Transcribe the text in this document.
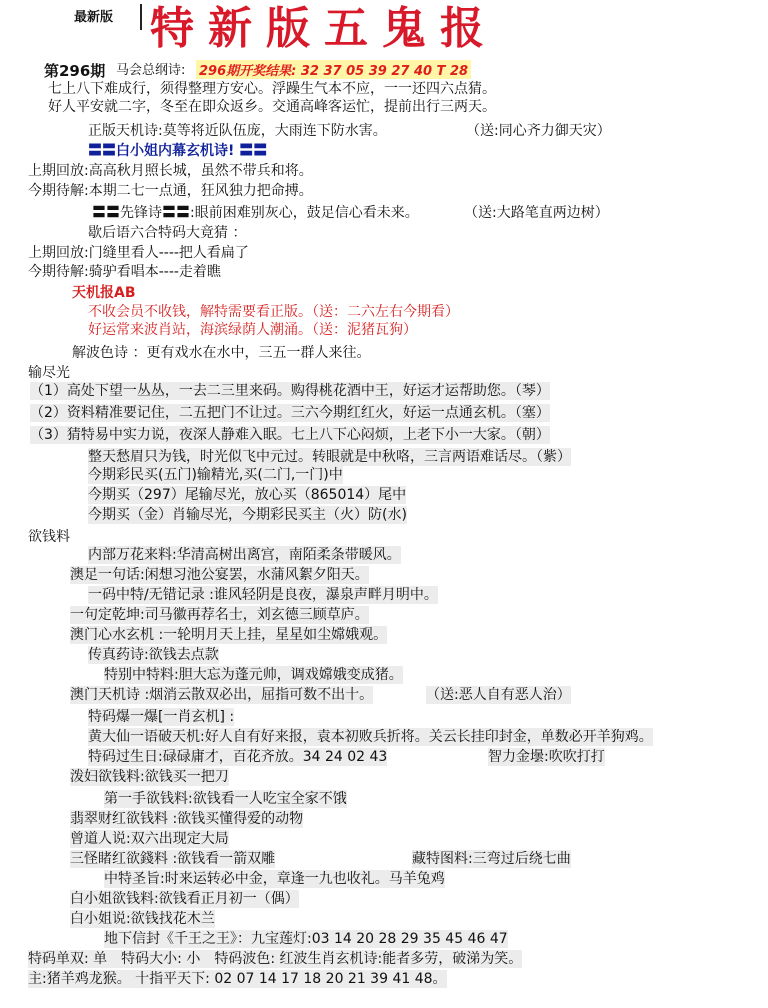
最新版 特新版五鬼报
第296期 马会总纲诗: 296期开奖结果: 32 37 05 39 27 40 T 28
七上八下难成行，须得整理方安心。浮躁生气本不应，一一还四六点猜。
好人平安就二字，冬至在即众返乡。交通高峰客运忙，提前出行三两天。
正版天机诗:莫等将近队伍庞，大雨连下防水害。	（送:同心齐力御天灾）
〓〓白小姐内幕玄机诗! 〓〓
上期回放:高高秋月照长城，虽然不带兵和将。
今期待解:本期二七一点通，狂风独力把命搏。
〓〓先锋诗〓〓:眼前困难别灰心，鼓足信心看未来。	（送:大路笔直两边树）
歇后语六合特码大竟猜 ：
上期回放:门缝里看人----把人看扁了
今期待解:骑驴看唱本----走着瞧
天机报AB
不收会员不收钱，解特需要看正版。（送：二六左右今期看）
好运常来波肖站，海滨绿荫人潮涌。（送：泥猪瓦狗）
解波色诗 ：更有戏水在水中，三五一群人来往。
输尽光
（1）高处下望一丛丛，一去二三里来码。购得桃花酒中王，好运才运帮助您。（琴）
（2）资料精准要记住，二五把门不让过。三六今期红红火，好运一点通玄机。（塞）
（3）猜特易中实力说，夜深人静难入眠。七上八下心闷烦，上老下小一大家。（朝）
整天愁眉只为钱，时光似飞中元过。转眼就是中秋咯，三言两语难话尽。（紫）
今期彩民买(五门)输精光,买(二门,一门)中
今期买（297）尾输尽光，放心买（865014）尾中
今期买（金）肖输尽光，今期彩民买主（火）防(水)
欲钱料
内部万花来料:华清高树出离宫，南陌柔条带暖风。
澳足一句话:闲想习池公宴罢，水蒲风絮夕阳天。
一码中特/无错记录 :谁风轻阴是良夜，瀑泉声畔月明中。
一句定乾坤:司马徽再荐名士，刘玄德三顾草庐。
澳门心水玄机 :一轮明月天上挂，星星如尘嫦娥观。
传真药诗:欲钱去点款
特别中特料:胆大忘为蓬元帅，调戏嫦娥变成猪。
澳门天机诗 :烟消云散双必出，屈指可数不出十。	（送:恶人自有恶人治）
特码爆一爆[一肖玄机] :
黄大仙一语破天机:好人自有好来报，袁本初败兵折将。关云长挂印封金，单数必开羊狗鸡。
特码过生日:碌碌庸才，百花齐放。34 24 02 43	智力金壜:吹吹打打
泼妇欲钱料:欲钱买一把刀
第一手欲钱料:欲钱看一人吃宝全家不饿
翡翠财红欲钱料 :欲钱买懂得爱的动物
曾道人说:双六出现定大局
三怪睹红欲錢料 :欲钱看一箭双雕	藏特图料:三弯过后绕七曲
中特圣旨:时来运转必中金，章逢一九也收礼。马羊兔鸡
白小姐欲钱料:欲钱看正月初一（偶）
白小姐说:欲钱找花木兰
地下信封《千王之王》：九宝莲灯:03 14 20 28 29 35 45 46 47
特码单双: 单　特码大小: 小　特码波色: 红波生肖玄机诗:能者多劳，破涕为笑。
主:猪羊鸡龙猴。 十指平天下: 02 07 14 17 18 20 21 39 41 48。
